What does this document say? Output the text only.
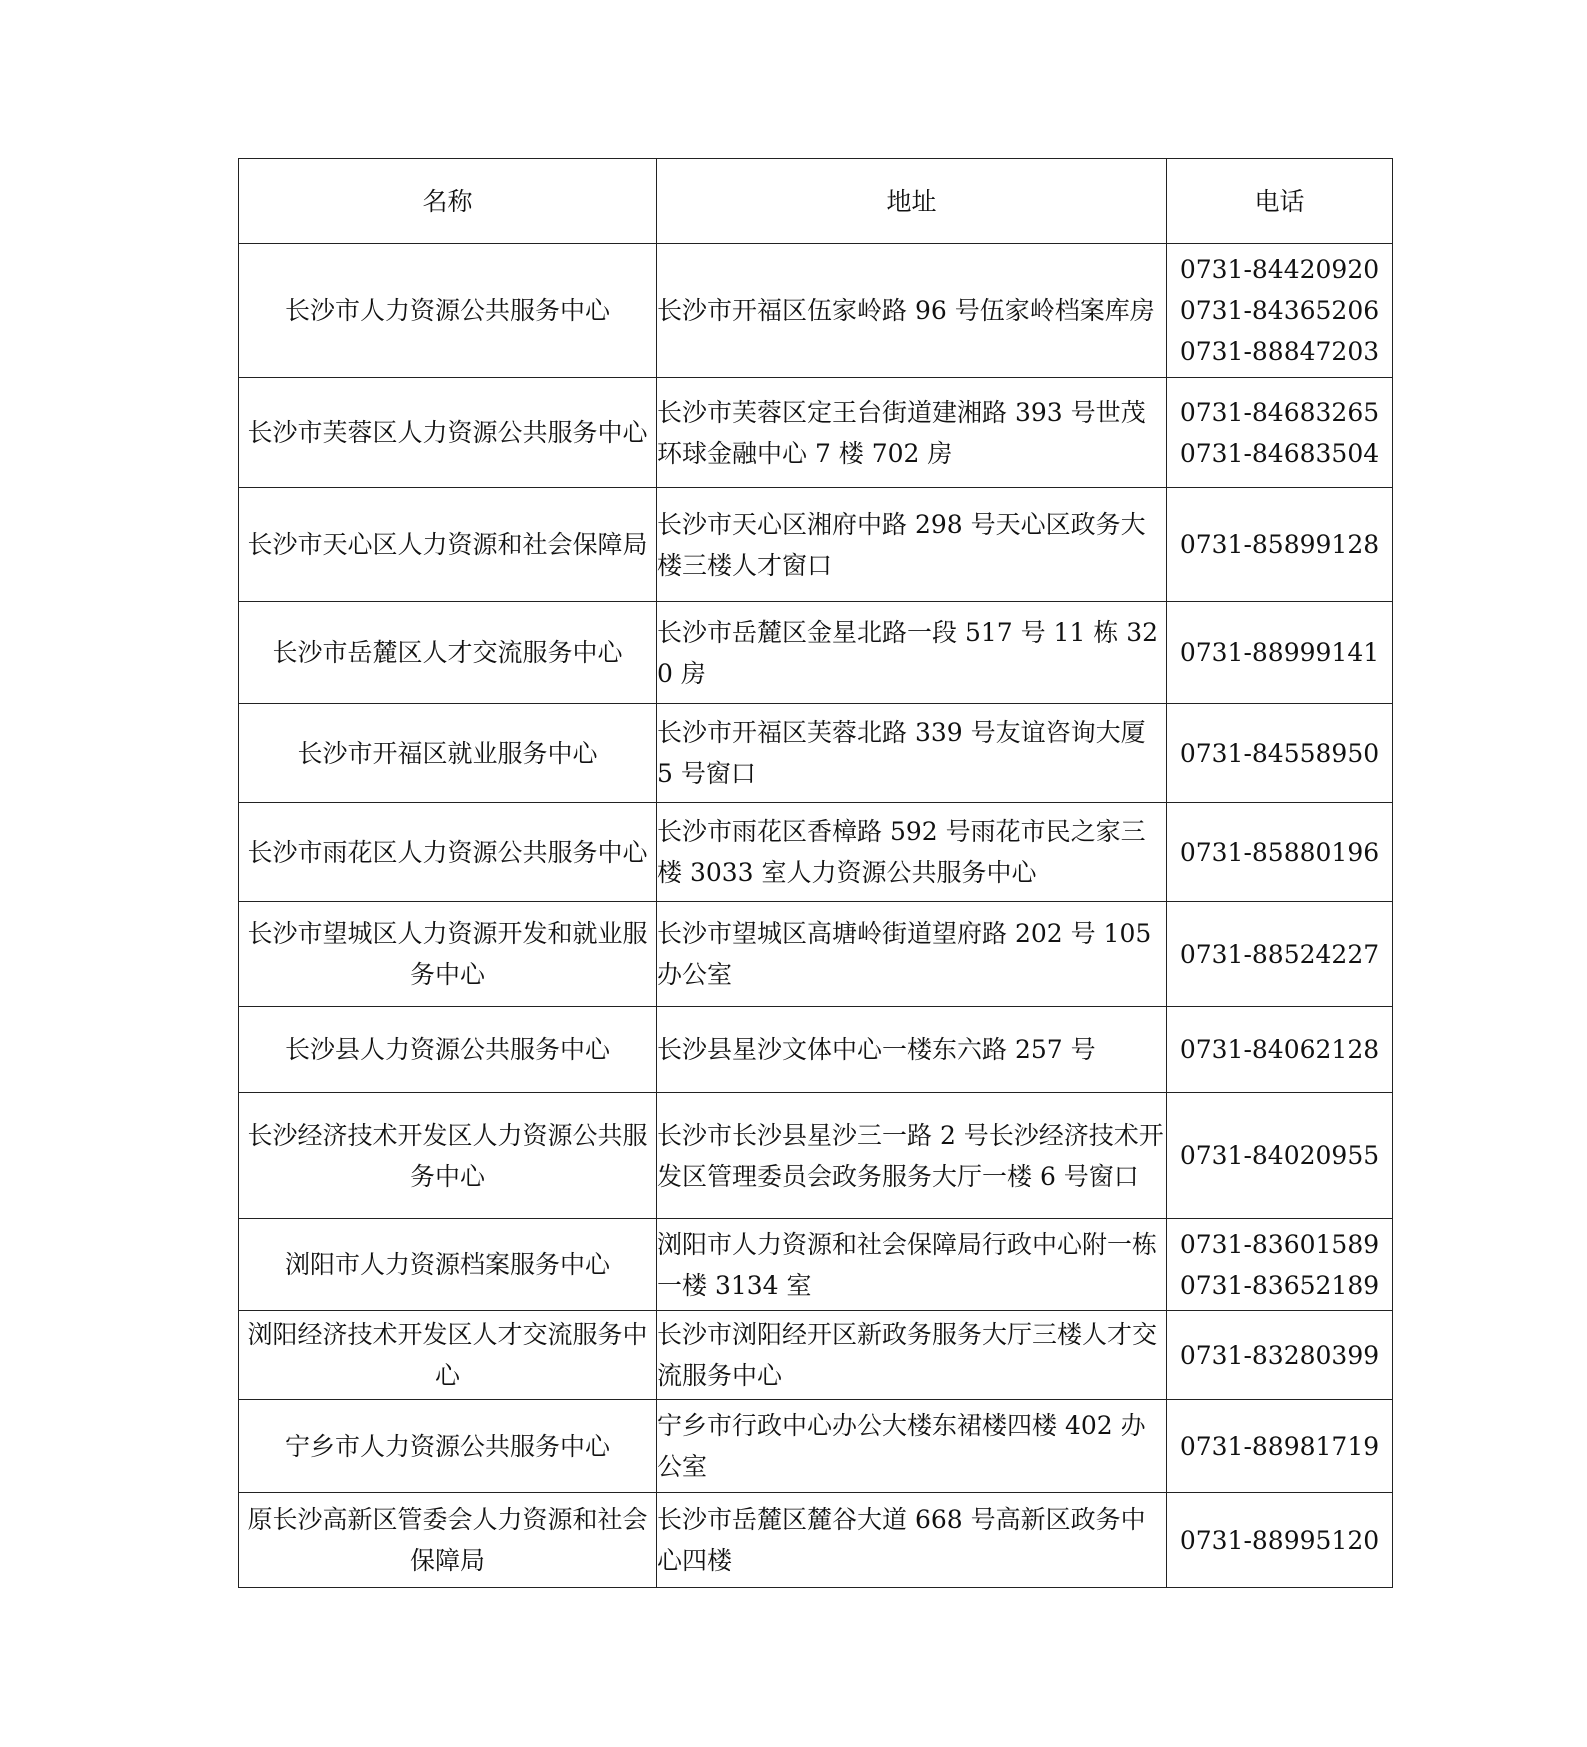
名称	地址	电话
长沙市人力资源公共服务中心	长沙市开福区伍家岭路 96 号伍家岭档案库房	0731-84420920
0731-84365206
0731-88847203

长沙市芙蓉区人力资源公共服务中心	长沙市芙蓉区定王台街道建湘路 393 号世茂环球金融中心 7 楼 702 房	0731-84683265
0731-84683504

长沙市天心区人力资源和社会保障局	长沙市天心区湘府中路 298 号天心区政务大楼三楼人才窗口	0731-85899128

长沙市岳麓区人才交流服务中心	长沙市岳麓区金星北路一段 517 号 11 栋 320 房	0731-88999141

长沙市开福区就业服务中心	长沙市开福区芙蓉北路 339 号友谊咨询大厦 5 号窗口	0731-84558950

长沙市雨花区人力资源公共服务中心	长沙市雨花区香樟路 592 号雨花市民之家三楼 3033 室人力资源公共服务中心	0731-85880196

长沙市望城区人力资源开发和就业服务中心	长沙市望城区高塘岭街道望府路 202 号 105 办公室	0731-88524227

长沙县人力资源公共服务中心	长沙县星沙文体中心一楼东六路 257 号	0731-84062128

长沙经济技术开发区人力资源公共服务中心	长沙市长沙县星沙三一路 2 号长沙经济技术开发区管理委员会政务服务大厅一楼 6 号窗口	0731-84020955

浏阳市人力资源档案服务中心	浏阳市人力资源和社会保障局行政中心附一栋一楼 3134 室	0731-83601589
0731-83652189

浏阳经济技术开发区人才交流服务中心	长沙市浏阳经开区新政务服务大厅三楼人才交流服务中心	0731-83280399

宁乡市人力资源公共服务中心	宁乡市行政中心办公大楼东裙楼四楼 402 办公室	0731-88981719

原长沙高新区管委会人力资源和社会保障局	长沙市岳麓区麓谷大道 668 号高新区政务中心四楼	0731-88995120
